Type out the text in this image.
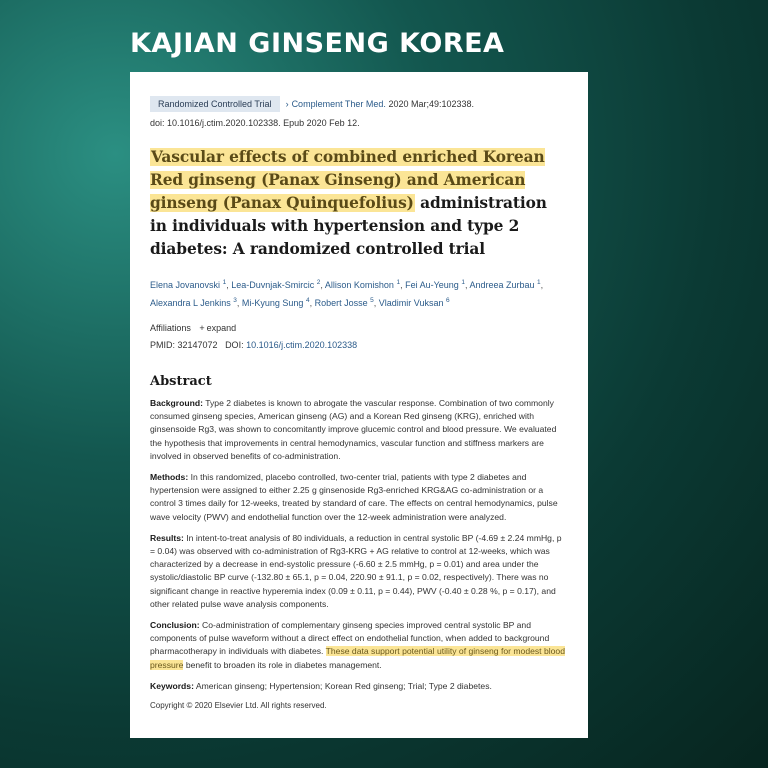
KAJIAN GINSENG KOREA
Randomized Controlled Trial › Complement Ther Med. 2020 Mar;49:102338.
doi: 10.1016/j.ctim.2020.102338. Epub 2020 Feb 12.
Vascular effects of combined enriched Korean Red ginseng (Panax Ginseng) and American ginseng (Panax Quinquefolius) administration in individuals with hypertension and type 2 diabetes: A randomized controlled trial
Elena Jovanovski $^1$, Lea-Duvnjak-Smircic $^2$, Allison Komishon $^1$, Fei Au-Yeung $^1$, Andreea Zurbau $^1$, Alexandra L Jenkins $^3$, Mi-Kyung Sung $^4$, Robert Josse $^5$, Vladimir Vuksan $^6$
Affiliations + expand
PMID: 32147072 DOI: 10.1016/j.ctim.2020.102338
Abstract
Background: Type 2 diabetes is known to abrogate the vascular response. Combination of two commonly consumed ginseng species, American ginseng (AG) and a Korean Red ginseng (KRG), enriched with ginsensoide Rg3, was shown to concomitantly improve glucemic control and blood pressure. We evaluated the hypothesis that improvements in central hemodynamics, vascular function and stiffness markers are involved in observed benefits of co-administration.
Methods: In this randomized, placebo controlled, two-center trial, patients with type 2 diabetes and hypertension were assigned to either 2.25 g ginsenoside Rg3-enriched KRG&AG co-administration or a control 3 times daily for 12-weeks, treated by standard of care. The effects on central hemodynamics, pulse wave velocity (PWV) and endothelial function over the 12-week administration were analyzed.
Results: In intent-to-treat analysis of 80 individuals, a reduction in central systolic BP (-4.69 ± 2.24 mmHg, p = 0.04) was observed with co-administration of Rg3-KRG + AG relative to control at 12-weeks, which was characterized by a decrease in end-systolic pressure (-6.60 ± 2.5 mmHg, p = 0.01) and area under the systolic/diastolic BP curve (-132.80 ± 65.1, p = 0.04, 220.90 ± 91.1, p = 0.02, respectively). There was no significant change in reactive hyperemia index (0.09 ± 0.11, p = 0.44), PWV (-0.40 ± 0.28 %, p = 0.17), and other related pulse wave analysis components.
Conclusion: Co-administration of complementary ginseng species improved central systolic BP and components of pulse waveform without a direct effect on endothelial function, when added to background pharmacotherapy in individuals with diabetes. These data support potential utility of ginseng for modest blood pressure benefit to broaden its role in diabetes management.
Keywords: American ginseng; Hypertension; Korean Red ginseng; Trial; Type 2 diabetes.
Copyright © 2020 Elsevier Ltd. All rights reserved.
